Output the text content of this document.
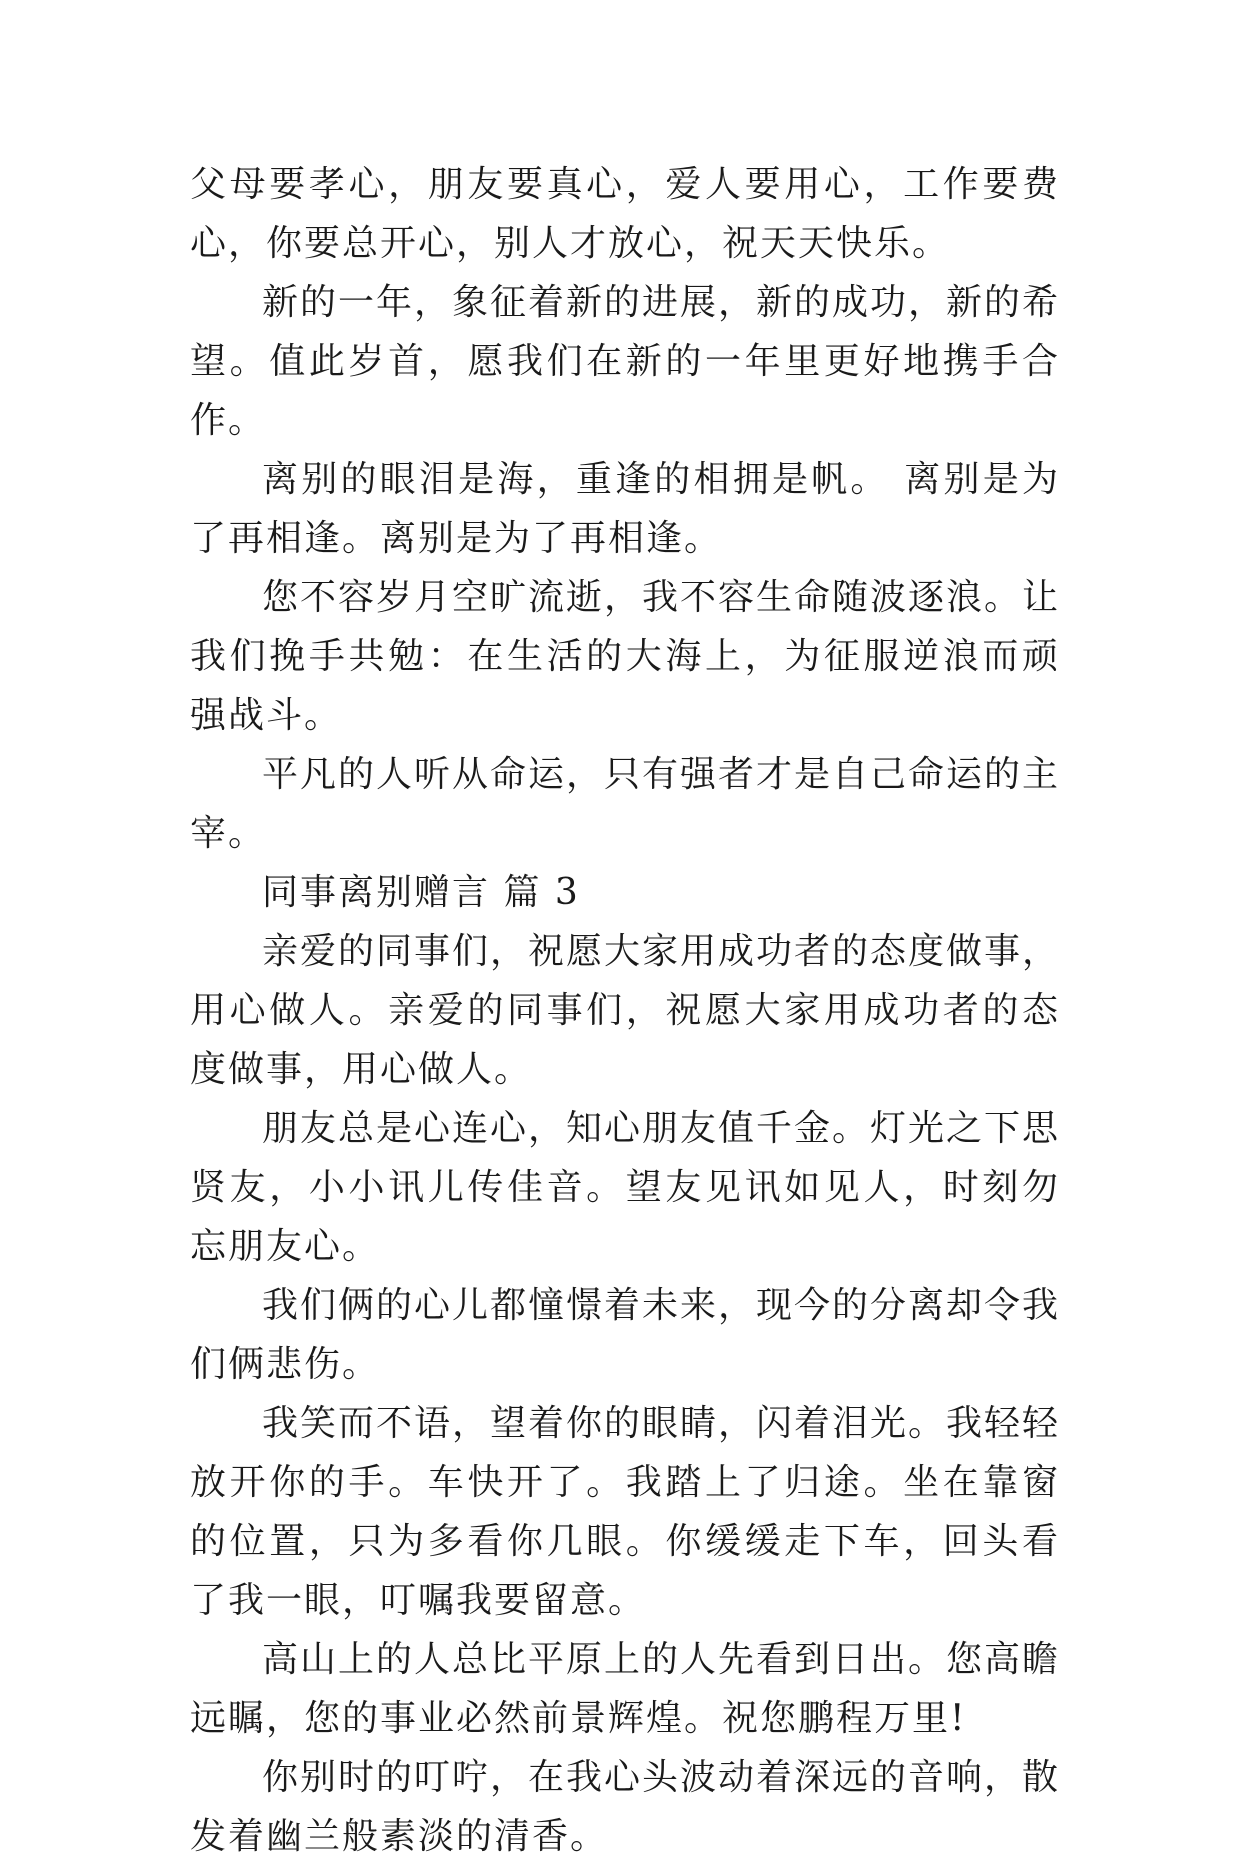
父母要孝心，朋友要真心，爱人要用心，工作要费心，你要总开心，别人才放心，祝天天快乐。

新的一年，象征着新的进展，新的成功，新的希望。值此岁首，愿我们在新的一年里更好地携手合作。

离别的眼泪是海，重逢的相拥是帆。 离别是为了再相逢。离别是为了再相逢。

您不容岁月空旷流逝，我不容生命随波逐浪。让我们挽手共勉：在生活的大海上，为征服逆浪而顽强战斗。

平凡的人听从命运，只有强者才是自己命运的主宰。

同事离别赠言 篇 3

亲爱的同事们，祝愿大家用成功者的态度做事，用心做人。亲爱的同事们，祝愿大家用成功者的态度做事，用心做人。

朋友总是心连心，知心朋友值千金。灯光之下思贤友，小小讯儿传佳音。望友见讯如见人，时刻勿忘朋友心。

我们俩的心儿都憧憬着未来，现今的分离却令我们俩悲伤。

我笑而不语，望着你的眼睛，闪着泪光。我轻轻放开你的手。车快开了。我踏上了归途。坐在靠窗的位置，只为多看你几眼。你缓缓走下车，回头看了我一眼，叮嘱我要留意。

高山上的人总比平原上的人先看到日出。您高瞻远瞩，您的事业必然前景辉煌。祝您鹏程万里!

你别时的叮咛，在我心头波动着深远的音响，散发着幽兰般素淡的清香。
